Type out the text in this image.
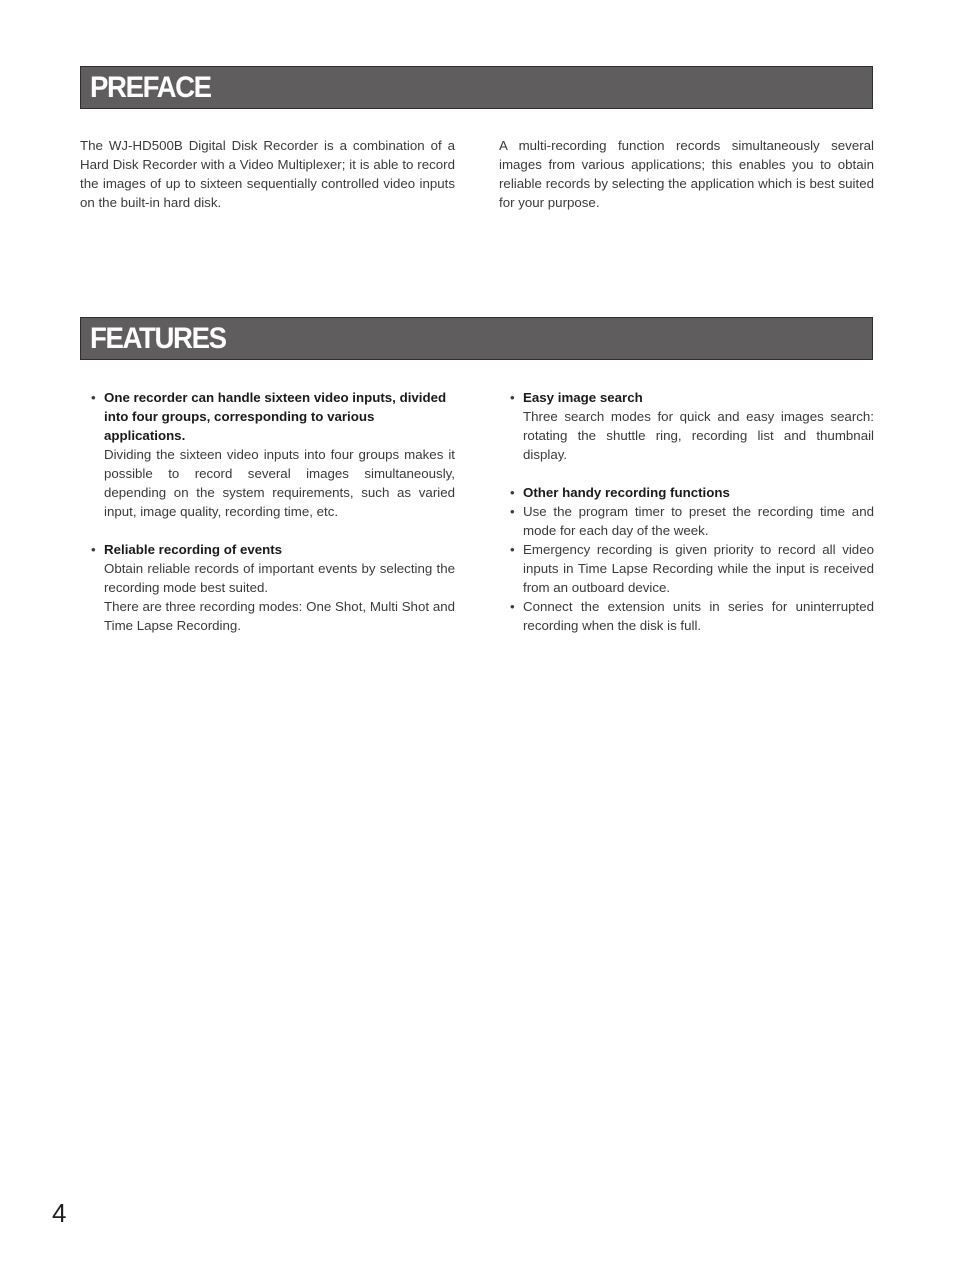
PREFACE

The WJ-HD500B Digital Disk Recorder is a combination of a Hard Disk Recorder with a Video Multiplexer; it is able to record the images of up to sixteen sequentially controlled video inputs on the built-in hard disk.

A multi-recording function records simultaneously several images from various applications; this enables you to obtain reliable records by selecting the application which is best suited for your purpose.

FEATURES
• One recorder can handle sixteen video inputs, divided into four groups, corresponding to various applications.
Dividing the sixteen video inputs into four groups makes it possible to record several images simultaneously, depending on the system requirements, such as varied input, image quality, recording time, etc.
• Reliable recording of events
Obtain reliable records of important events by selecting the recording mode best suited.
There are three recording modes: One Shot, Multi Shot and Time Lapse Recording.
• Easy image search
Three search modes for quick and easy images search: rotating the shuttle ring, recording list and thumbnail display.
• Other handy recording functions
• Use the program timer to preset the recording time and mode for each day of the week.
• Emergency recording is given priority to record all video inputs in Time Lapse Recording while the input is received from an outboard device.
• Connect the extension units in series for uninterrupted recording when the disk is full.
4
